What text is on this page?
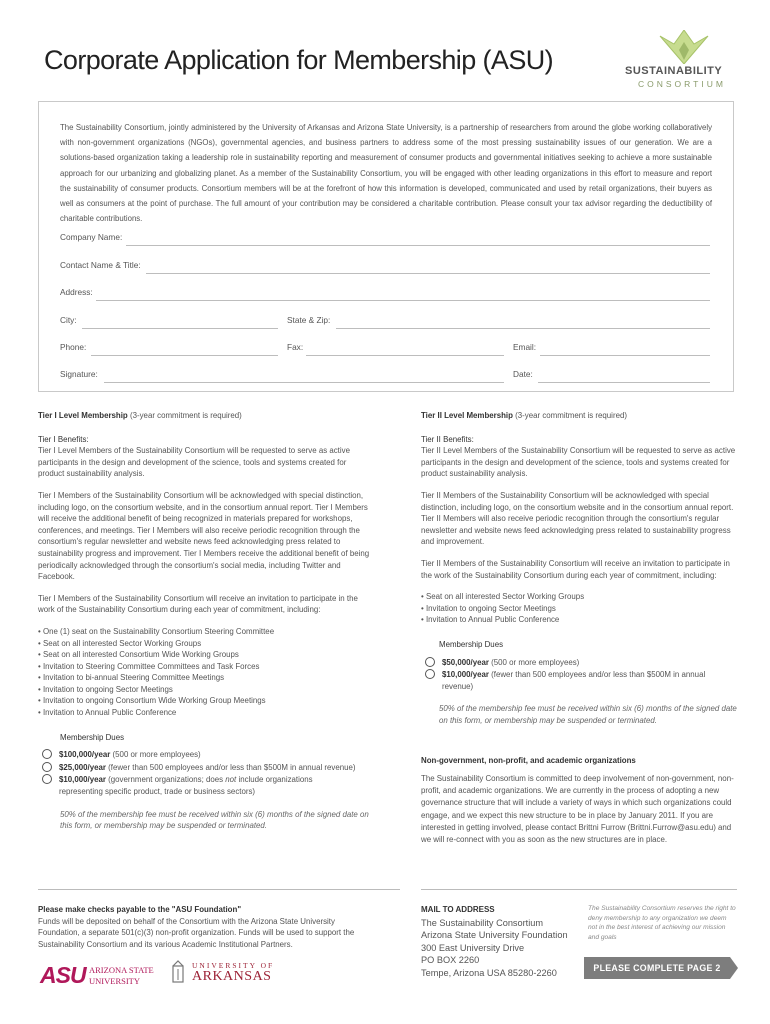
Corporate Application for Membership (ASU)	SUSTAINABILITY
CONSORTIUM
The Sustainability Consortium, jointly administered by the University of Arkansas and Arizona State University, is a partnership of researchers from around the globe working collaboratively with non-government organizations (NGOs), governmental agencies, and business partners to address some of the most pressing sustainability issues of our generation. We are a solutions-based organization taking a leadership role in sustainability reporting and measurement of consumer products and governmental initiatives seeking to achieve a more sustainable approach for our urbanizing and globalizing planet. As a member of the Sustainability Consortium, you will be engaged with other leading organizations in this effort to measure and report the sustainability of consumer products. Consortium members will be at the forefront of how this information is developed, communicated and used by retail organizations, their buyers as well as consumers at the point of purchase. The full amount of your contribution may be considered a charitable contribution. Please consult your tax advisor regarding the deductibility of charitable contributions.
Company Name:
Contact Name & Title:
Address:
City:	State & Zip:
Phone:	Fax:	Email:
Signature:	Date:

Tier I Level Membership (3-year commitment is required)

Tier I Benefits:

Tier I Level Members of the Sustainability Consortium will be requested to serve as active participants in the design and development of the science, tools and systems created for product sustainability analysis.

Tier I Members of the Sustainability Consortium will be acknowledged with special distinction, including logo, on the consortium website, and in the consortium annual report. Tier I Members will receive the additional benefit of being recognized in materials prepared for workshops, conferences, and meetings. Tier I Members will also receive periodic recognition through the consortium's regular newsletter and website news feed acknowledging press related to sustainability progress and improvement. Tier I Members receive the additional benefit of being periodically acknowledged through the consortium's social media, including Twitter and Facebook.

Tier I Members of the Sustainability Consortium will receive an invitation to participate in the work of the Sustainability Consortium during each year of commitment, including:

• One (1) seat on the Sustainability Consortium Steering Committee

• Seat on all interested Sector Working Groups

• Seat on all interested Consortium Wide Working Groups

• Invitation to Steering Committee Committees and Task Forces

• Invitation to bi-annual Steering Committee Meetings

• Invitation to ongoing Sector Meetings

• Invitation to ongoing Consortium Wide Working Group Meetings

• Invitation to Annual Public Conference

Membership Dues

$100,000/year (500 or more employees)

$25,000/year (fewer than 500 employees and/or less than $500M in annual revenue)

$10,000/year (government organizations; does not include organizations representing specific product, trade or business sectors)

50% of the membership fee must be received within six (6) months of the signed date on this form, or membership may be suspended or terminated.

Tier II Level Membership (3-year commitment is required)

Tier II Benefits:

Tier II Level Members of the Sustainability Consortium will be requested to serve as active participants in the design and development of the science, tools and systems created for product sustainability analysis.

Tier II Members of the Sustainability Consortium will be acknowledged with special distinction, including logo, on the consortium website and in the consortium annual report. Tier II Members will also receive periodic recognition through the consortium's regular newsletter and website news feed acknowledging press related to sustainability progress and improvement.

Tier II Members of the Sustainability Consortium will receive an invitation to participate in the work of the Sustainability Consortium during each year of commitment, including:

• Seat on all interested Sector Working Groups

• Invitation to ongoing Sector Meetings

• Invitation to Annual Public Conference

Membership Dues

$50,000/year (500 or more employees)

$10,000/year (fewer than 500 employees and/or less than $500M in annual revenue)

50% of the membership fee must be received within six (6) months of the signed date on this form, or membership may be suspended or terminated.

Non-government, non-profit, and academic organizations

The Sustainability Consortium is committed to deep involvement of non-government, non-profit, and academic organizations. We are currently in the process of adopting a new governance structure that will include a variety of ways in which such organizations could engage, and we expect this new structure to be in place by January 2011. If you are interested in getting involved, please contact Brittni Furrow (Brittni.Furrow@asu.edu) and we will re-connect with you as soon as the new structures are in place.

Please make checks payable to the "ASU Foundation"

Funds will be deposited on behalf of the Consortium with the Arizona State University Foundation, a separate 501(c)(3) non-profit organization. Funds will be used to support the Sustainability Consortium and its various Academic Institutional Partners.

ASU ARIZONA STATE
UNIVERSITY
UNIVERSITY OF
ARKANSAS
MAIL TO ADDRESS
The Sustainability Consortium
Arizona State University Foundation
300 East University Drive
PO BOX 2260
Tempe, Arizona USA 85280-2260
The Sustainability Consortium reserves the right to deny membership to any organization we deem not in the best interest of achieving our mission and goals
PLEASE COMPLETE PAGE 2
